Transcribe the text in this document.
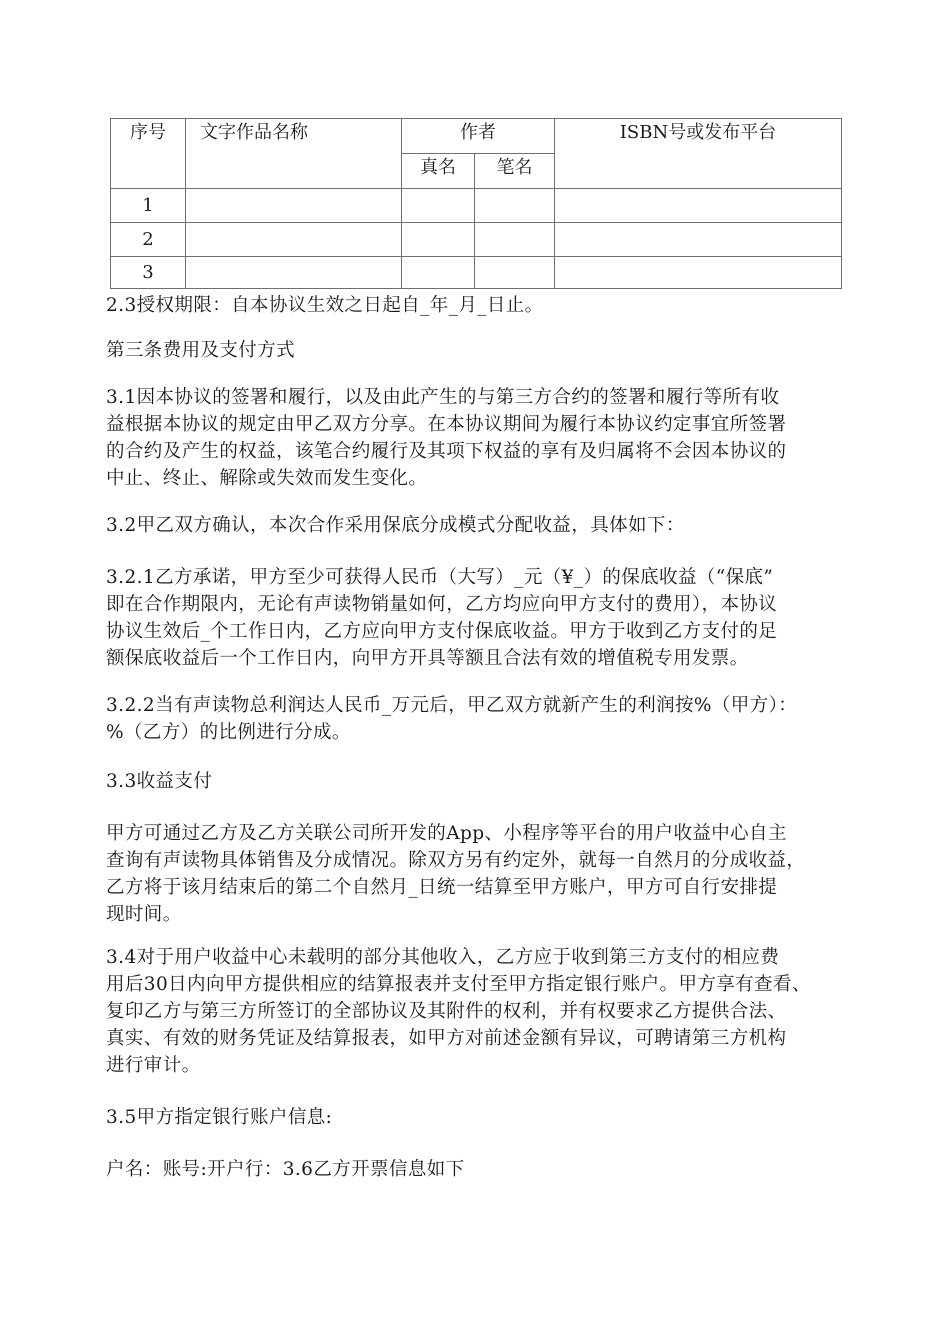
序号	文字作品名称	作者		ISBN号或发布平台

		真名	笔名	

1				
2				
3				
2.3授权期限：自本协议生效之日起自_年_月_日止。
第三条费用及支付方式
3.1因本协议的签署和履行，以及由此产生的与第三方合约的签署和履行等所有收
益根据本协议的规定由甲乙双方分享。在本协议期间为履行本协议约定事宜所签署
的合约及产生的权益，该笔合约履行及其项下权益的享有及归属将不会因本协议的
中止、终止、解除或失效而发生变化。
3.2甲乙双方确认，本次合作采用保底分成模式分配收益，具体如下：
3.2.1乙方承诺，甲方至少可获得人民币（大写）_元（¥_）的保底收益（“保底”
即在合作期限内，无论有声读物销量如何，乙方均应向甲方支付的费用），本协议
协议生效后_个工作日内，乙方应向甲方支付保底收益。甲方于收到乙方支付的足
额保底收益后一个工作日内，向甲方开具等额且合法有效的增值税专用发票。
3.2.2当有声读物总利润达人民币_万元后，甲乙双方就新产生的利润按%（甲方）：
%（乙方）的比例进行分成。
3.3收益支付
甲方可通过乙方及乙方关联公司所开发的App、小程序等平台的用户收益中心自主
查询有声读物具体销售及分成情况。除双方另有约定外，就每一自然月的分成收益，
乙方将于该月结束后的第二个自然月_日统一结算至甲方账户，甲方可自行安排提
现时间。
3.4对于用户收益中心未载明的部分其他收入，乙方应于收到第三方支付的相应费
用后30日内向甲方提供相应的结算报表并支付至甲方指定银行账户。甲方享有查看、
复印乙方与第三方所签订的全部协议及其附件的权利，并有权要求乙方提供合法、
真实、有效的财务凭证及结算报表，如甲方对前述金额有异议，可聘请第三方机构
进行审计。
3.5甲方指定银行账户信息:
户名：账号:开户行：3.6乙方开票信息如下
